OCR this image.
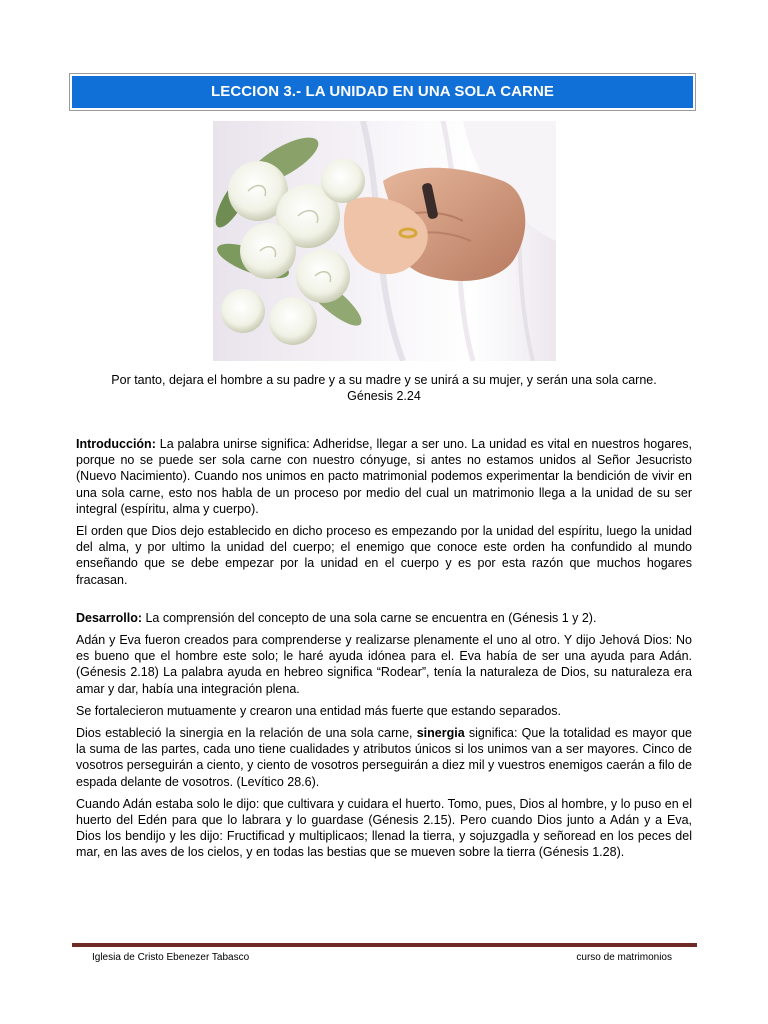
LECCION 3.- LA UNIDAD EN UNA SOLA CARNE
Por tanto, dejara el hombre a su padre y a su madre y se unirá a su mujer, y serán una sola carne.
Génesis 2.24

Introducción: La palabra unirse significa: Adheridse, llegar a ser uno. La unidad es vital en nuestros hogares, porque no se puede ser sola carne con nuestro cónyuge, si antes no estamos unidos al Señor Jesucristo (Nuevo Nacimiento). Cuando nos unimos en pacto matrimonial podemos experimentar la bendición de vivir en una sola carne, esto nos habla de un proceso por medio del cual un matrimonio llega a la unidad de su ser integral (espíritu, alma y cuerpo).

El orden que Dios dejo establecido en dicho proceso es empezando por la unidad del espíritu, luego la unidad del alma, y por ultimo la unidad del cuerpo; el enemigo que conoce este orden ha confundido al mundo enseñando que se debe empezar por la unidad en el cuerpo y es por esta razón que muchos hogares fracasan.

Desarrollo: La comprensión del concepto de una sola carne se encuentra en (Génesis 1 y 2).

Adán y Eva fueron creados para comprenderse y realizarse plenamente el uno al otro. Y dijo Jehová Dios: No es bueno que el hombre este solo; le haré ayuda idónea para el. Eva había de ser una ayuda para Adán. (Génesis 2.18) La palabra ayuda en hebreo significa “Rodear”, tenía la naturaleza de Dios, su naturaleza era amar y dar, había una integración plena.

Se fortalecieron mutuamente y crearon una entidad más fuerte que estando separados.

Dios estableció la sinergia en la relación de una sola carne, sinergia significa: Que la totalidad es mayor que la suma de las partes, cada uno tiene cualidades y atributos únicos si los unimos van a ser mayores. Cinco de vosotros perseguirán a ciento, y ciento de vosotros perseguirán a diez mil y vuestros enemigos caerán a filo de espada delante de vosotros. (Levítico 28.6).

Cuando Adán estaba solo le dijo: que cultivara y cuidara el huerto. Tomo, pues, Dios al hombre, y lo puso en el huerto del Edén para que lo labrara y lo guardase (Génesis 2.15). Pero cuando Dios junto a Adán y a Eva, Dios los bendijo y les dijo: Fructificad y multiplicaos; llenad la tierra, y sojuzgadla y señoread en los peces del mar, en las aves de los cielos, y en todas las bestias que se mueven sobre la tierra (Génesis 1.28).

Iglesia de Cristo Ebenezer Tabasco	curso de matrimonios
